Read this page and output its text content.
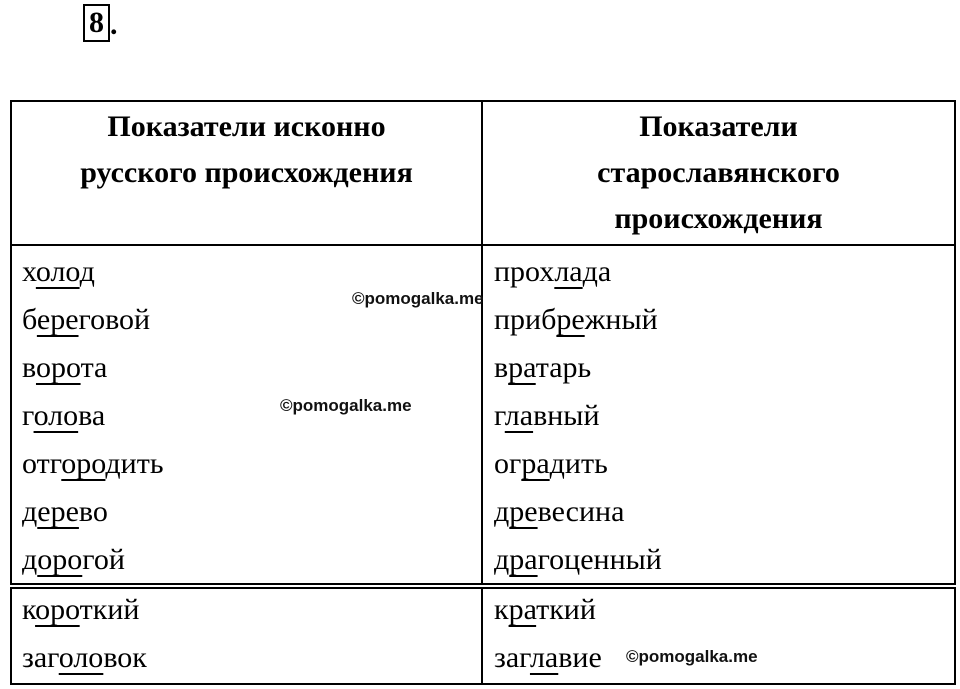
8 .
Показатели исконно
русского происхождения
Показатели
старославянского
происхождения
холод
береговой
ворота
голова
отгородить
дерево
дорогой
прохлада
прибрежный
вратарь
главный
оградить
древесина
драгоценный
короткий
заголовок
краткий
заглавие
©pomogalka.me
©pomogalka.me
©pomogalka.me
